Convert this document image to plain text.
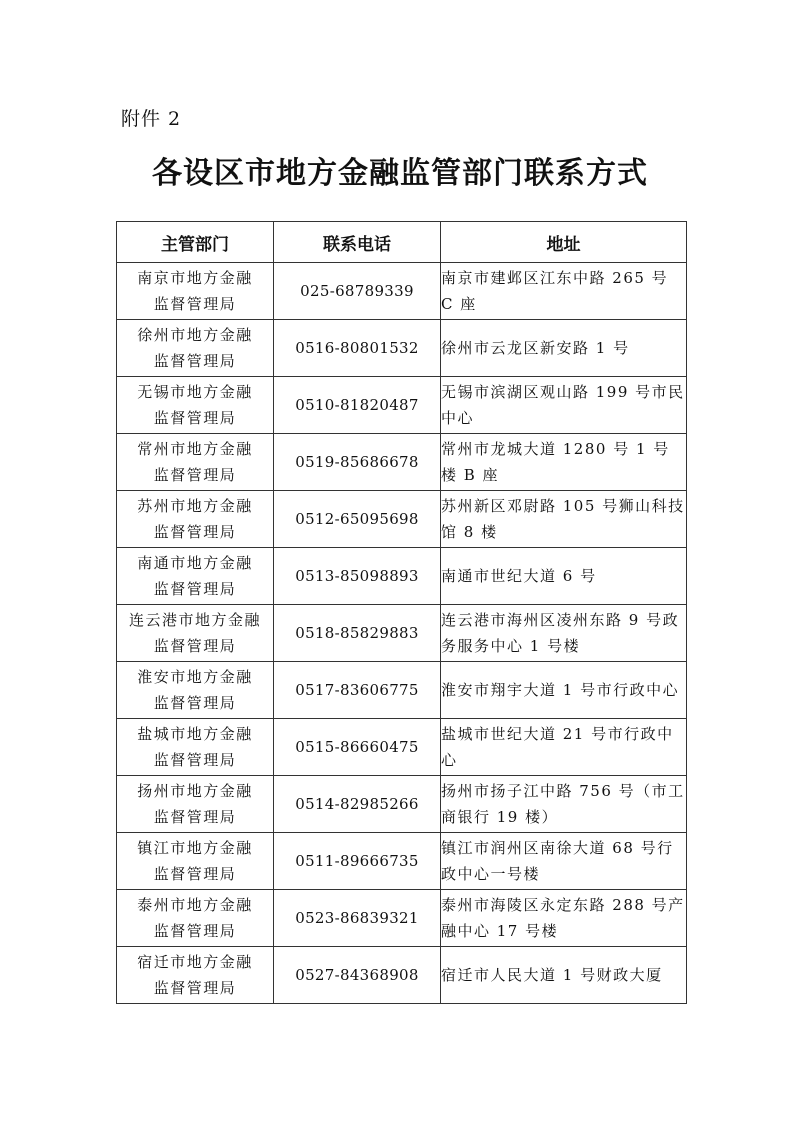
附件 2
各设区市地方金融监管部门联系方式
主管部门	联系电话	地址

南京市地方金融
监督管理局	025-68789339	南京市建邺区江东中路 265 号 C 座

徐州市地方金融
监督管理局	0516-80801532	徐州市云龙区新安路 1 号

无锡市地方金融
监督管理局	0510-81820487	无锡市滨湖区观山路 199 号市民中心

常州市地方金融
监督管理局	0519-85686678	常州市龙城大道 1280 号 1 号楼 B 座

苏州市地方金融
监督管理局	0512-65095698	苏州新区邓尉路 105 号狮山科技馆 8 楼

南通市地方金融
监督管理局	0513-85098893	南通市世纪大道 6 号

连云港市地方金融
监督管理局	0518-85829883	连云港市海州区凌州东路 9 号政务服务中心 1 号楼

淮安市地方金融
监督管理局	0517-83606775	淮安市翔宇大道 1 号市行政中心

盐城市地方金融
监督管理局	0515-86660475	盐城市世纪大道 21 号市行政中心

扬州市地方金融
监督管理局	0514-82985266	扬州市扬子江中路 756 号（市工商银行 19 楼）

镇江市地方金融
监督管理局	0511-89666735	镇江市润州区南徐大道 68 号行政中心一号楼

泰州市地方金融
监督管理局	0523-86839321	泰州市海陵区永定东路 288 号产融中心 17 号楼

宿迁市地方金融
监督管理局	0527-84368908	宿迁市人民大道 1 号财政大厦
